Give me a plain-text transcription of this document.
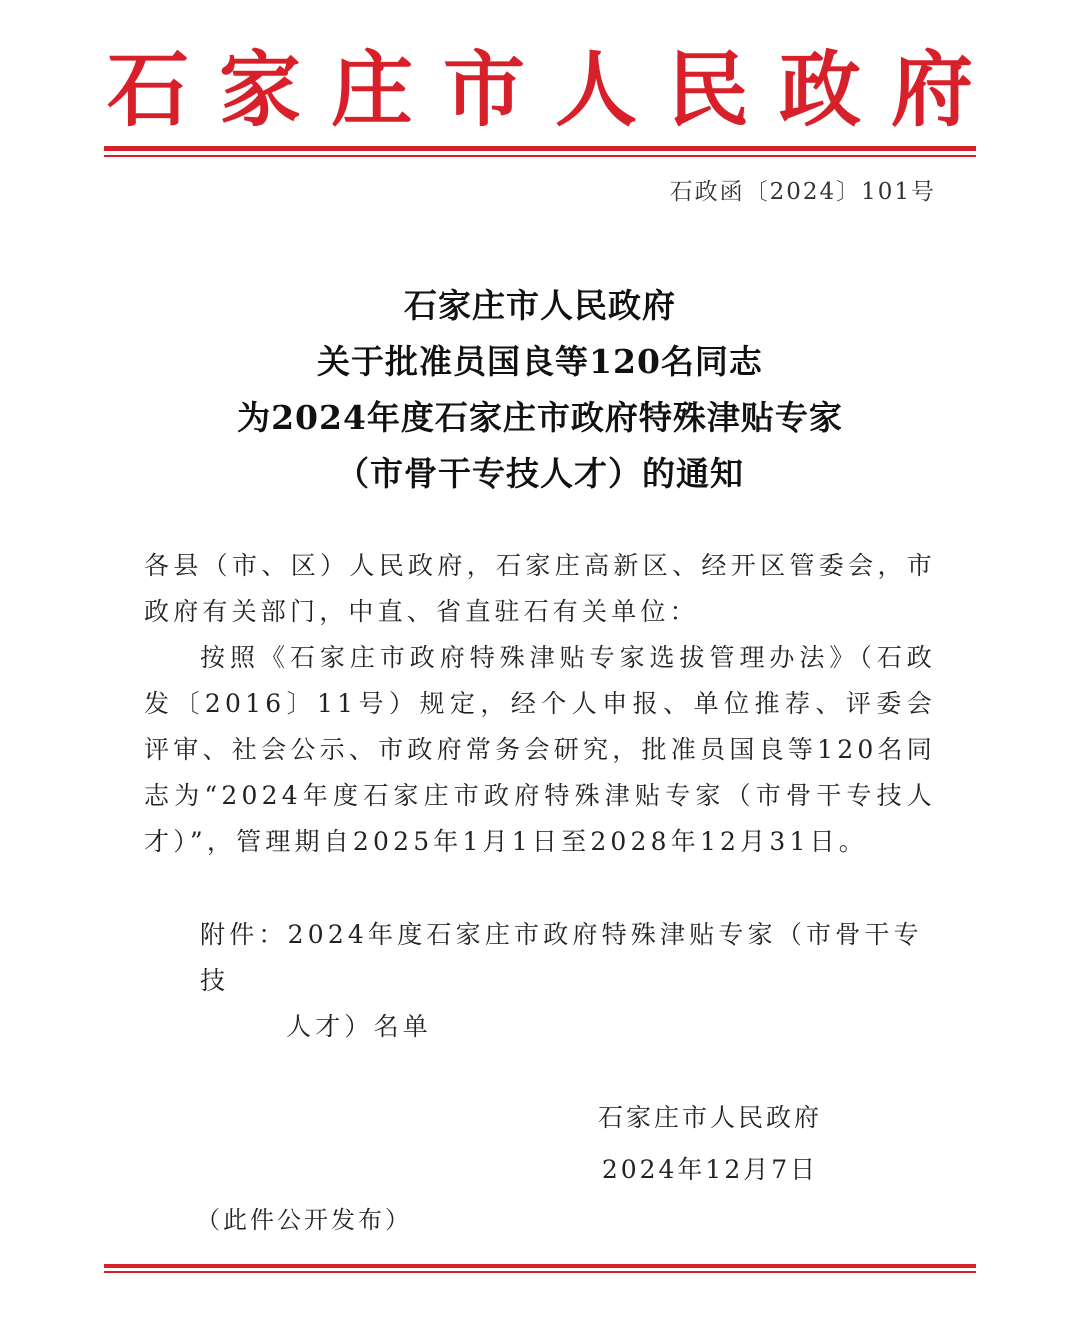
石家庄市人民政府
石政函〔2024〕101号
石家庄市人民政府
关于批准员国良等120名同志
为2024年度石家庄市政府特殊津贴专家
（市骨干专技人才）的通知

各县（市、区）人民政府，石家庄高新区、经开区管委会，市政府有关部门，中直、省直驻石有关单位：

按照《石家庄市政府特殊津贴专家选拔管理办法》（石政发〔2016〕11号）规定，经个人申报、单位推荐、评委会评审、社会公示、市政府常务会研究，批准员国良等120名同志为“2024年度石家庄市政府特殊津贴专家（市骨干专技人才）”，管理期自2025年1月1日至2028年12月31日。

附件：2024年度石家庄市政府特殊津贴专家（市骨干专技
人才）名单
石家庄市人民政府
2024年12月7日
（此件公开发布）
